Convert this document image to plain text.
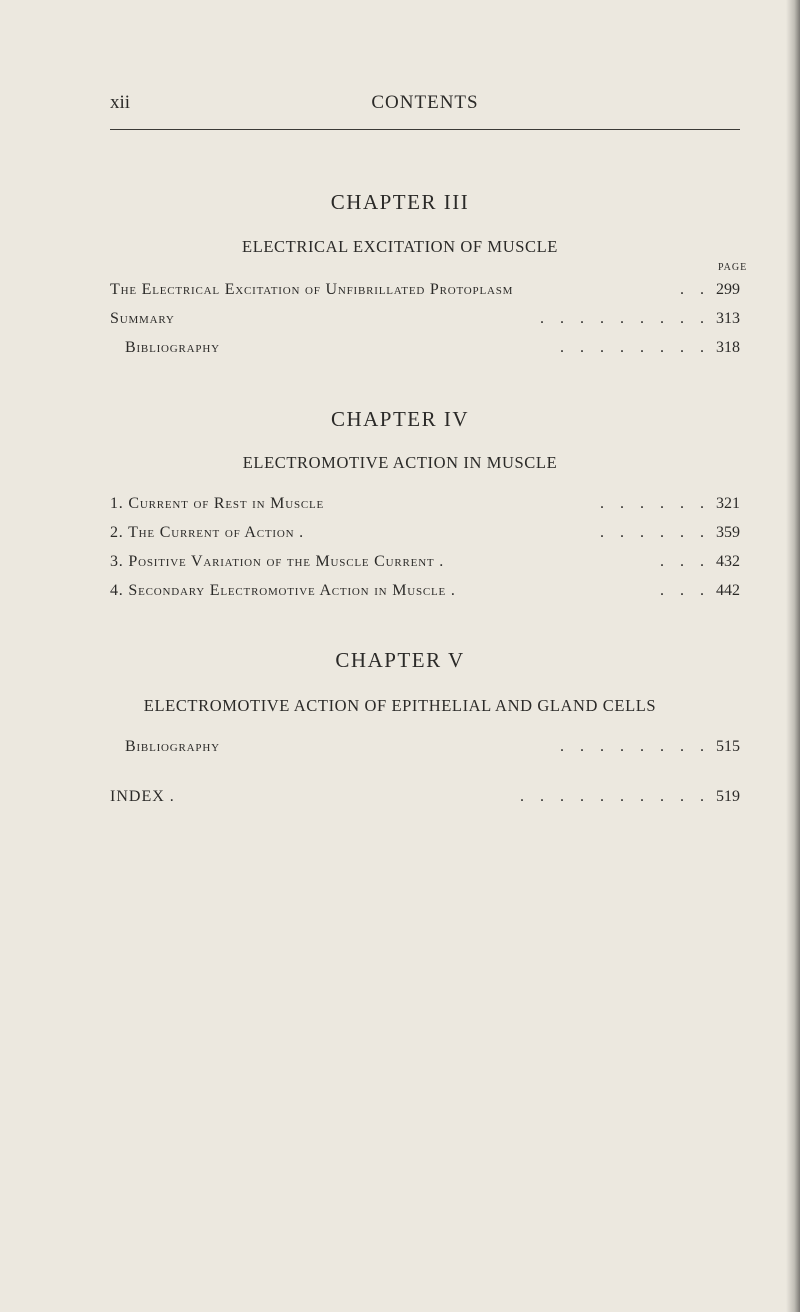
xii	CONTENTS
CHAPTER III
ELECTRICAL EXCITATION OF MUSCLE
PAGE
The Electrical Excitation of Unfibrillated Protoplasm	.    . 299
Summary	.    .    .    .    .    .    .    .    . 313
Bibliography	.    .    .    .    .    .    .    . 318
CHAPTER IV
ELECTROMOTIVE ACTION IN MUSCLE
1. Current of Rest in Muscle	.    .    .    .    .    . 321
2. The Current of Action .	.    .    .    .    .    . 359
3. Positive Variation of the Muscle Current .	.    .    . 432
4. Secondary Electromotive Action in Muscle .	.    .    . 442
CHAPTER V
ELECTROMOTIVE ACTION OF EPITHELIAL AND GLAND CELLS
Bibliography	.    .    .    .    .    .    .    . 515
INDEX .	.    .    .    .    .    .    .    .    .    . 519
